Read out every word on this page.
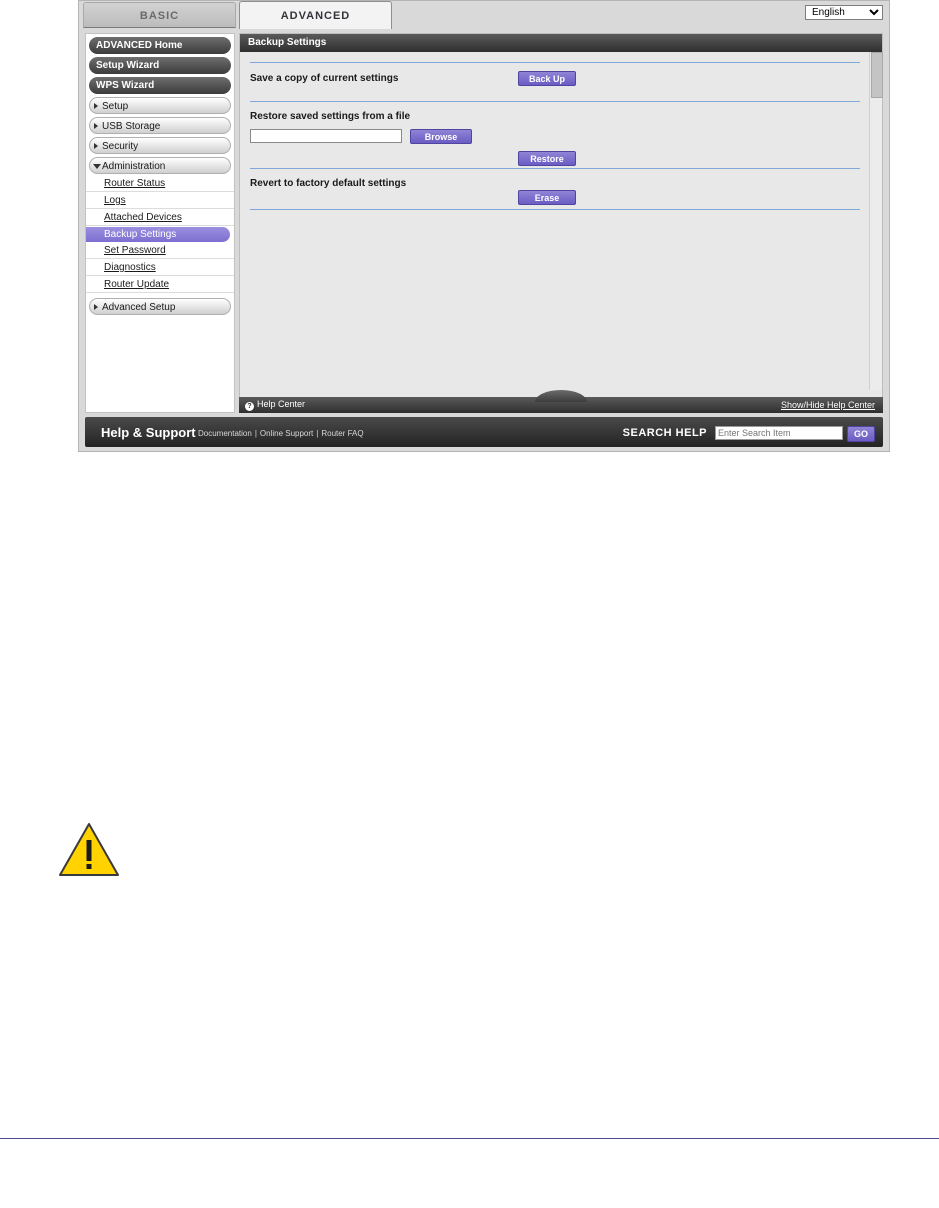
BASIC	ADVANCED
English
ADVANCED Home
Setup Wizard
WPS Wizard
Setup
USB Storage
Security
Administration
Router Status
Logs
Attached Devices
Backup Settings
Set Password
Diagnostics
Router Update
Advanced Setup
Backup Settings
Save a copy of current settings	Back Up
Restore saved settings from a file
Browse
Restore
Revert to factory default settings
Erase
? Help Center	Show/Hide Help Center
Help & Support Documentation | Online Support | Router FAQ	SEARCH HELP
Enter Search Item	GO
